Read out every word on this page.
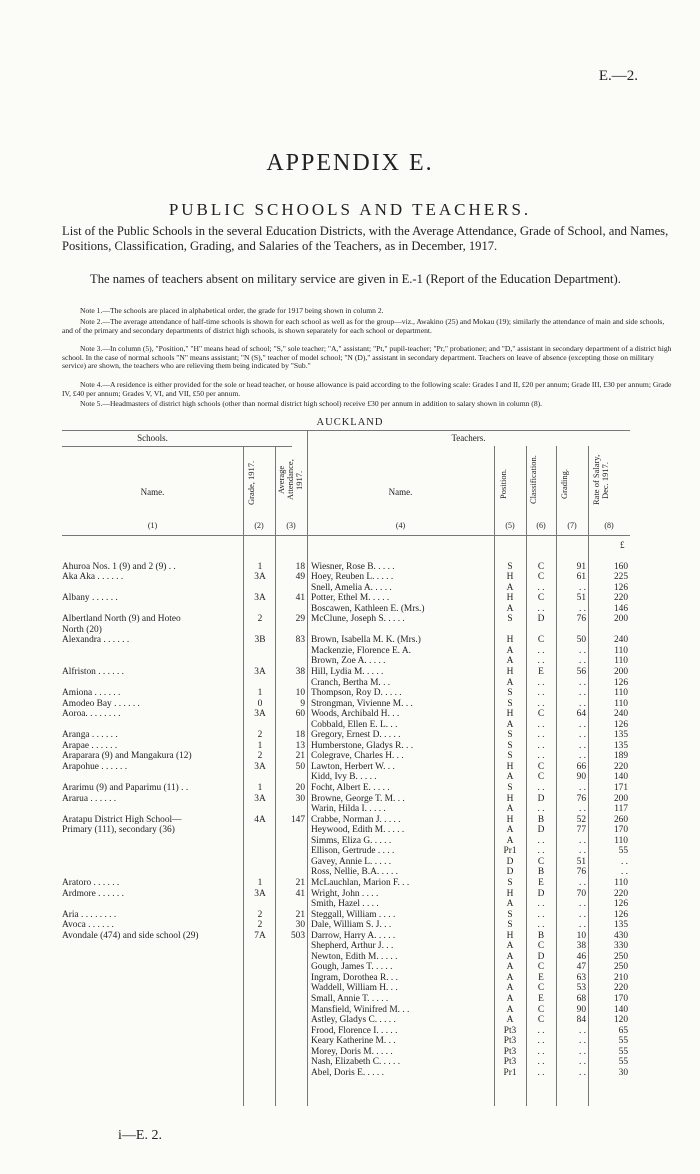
E.—2.
APPENDIX E.
PUBLIC SCHOOLS AND TEACHERS.
List of the Public Schools in the several Education Districts, with the Average Attendance, Grade of School, and Names, Positions, Classification, Grading, and Salaries of the Teachers, as in December, 1917.
The names of teachers absent on military service are given in E.-1 (Report of the Education Department).
Note 1.—The schools are placed in alphabetical order, the grade for 1917 being shown in column 2.
Note 2.—The average attendance of half-time schools is shown for each school as well as for the group—viz., Awakino (25) and Mokau (19); similarly the attendance of main and side schools, and of the primary and secondary departments of district high schools, is shown separately for each school or department.
Note 3.—In column (5), "Position," "H" means head of school; "S," sole teacher; "A," assistant; "Pt," pupil-teacher; "Pr," probationer; and "D," assistant in secondary department of a district high school. In the case of normal schools "N" means assistant; "N (S)," teacher of model school; "N (D)," assistant in secondary department. Teachers on leave of absence (excepting those on military service) are shown, the teachers who are relieving them being indicated by "Sub."
Note 4.—A residence is either provided for the sole or head teacher, or house allowance is paid according to the following scale: Grades I and II, £20 per annum; Grade III, £30 per annum; Grade IV, £40 per annum; Grades V, VI, and VII, £50 per annum.
Note 5.—Headmasters of district high schools (other than normal district high school) receive £30 per annum in addition to salary shown in column (8).
AUCKLAND
Schools.	Teachers.
Name.	Grade, 1917.	Average Attendance, 1917.
Name.	Position.	Classification.	Grading.	Rate of Salary, Dec. 1917.
(1)	(2)	(3)	(4)	(5)	(6)	(7)	(8)
£
Ahuroa Nos. 1 (9) and 2 (9) . .	1	18 Wiesner, Rose B. . . . .	S	C	91	160
Aka Aka . . . . . .	3A	49 Hoey, Reuben L. . . . .	H	C	61	225
Snell, Amelia A. . . . .	A	. .	. .	126
Albany . . . . . .	3A	41 Potter, Ethel M. . . . .	H	C	51	220
Boscawen, Kathleen E. (Mrs.)	A	. .	. .	146
Albertland North (9) and Hoteo	2	29 McClune, Joseph S. . . . .	S	D	76	200
North (20)
Alexandra . . . . . .	3B	83 Brown, Isabella M. K. (Mrs.)	H	C	50	240
Mackenzie, Florence E. A.	A	. .	. .	110
Brown, Zoe A. . . . .	A	. .	. .	110
Alfriston . . . . . .	3A	38 Hill, Lydia M. . . . .	H	E	56	200
Cranch, Bertha M. . .	A	. .	. .	126
Amiona . . . . . .	1	10 Thompson, Roy D. . . . .	S	. .	. .	110
Amodeo Bay . . . . . .	0	9 Strongman, Vivienne M. . .	S	. .	. .	110
Aoroa. . . . . . . .	3A	60 Woods, Archibald H. . .	H	C	64	240
Cobbald, Ellen E. L. . .	A	. .	. .	126
Aranga . . . . . .	2	18 Gregory, Ernest D. . . . .	S	. .	. .	135
Arapae . . . . . .	1	13 Humberstone, Gladys R. . .	S	. .	. .	135
Araparara (9) and Mangakura (12)	2	21 Colegrave, Charles H. . .	S	. .	. .	189
Arapohue . . . . . .	3A	50 Lawton, Herbert W. . .	H	C	66	220
Kidd, Ivy B. . . . .	A	C	90	140
Ararimu (9) and Paparimu (11) . .	1	20 Focht, Albert E. . . . .	S	. .	. .	171
Ararua . . . . . .	3A	30 Browne, George T. M. . .	H	D	76	200
Warin, Hilda I. . . . .	A	. .	. .	117
Aratapu District High School—	4A	147 Crabbe, Norman J. . . . .	H	B	52	260
Primary (111), secondary (36)	Heywood, Edith M. . . . .	A	D	77	170
Simms, Eliza G. . . . .	A	. .	. .	110
Ellison, Gertrude . . . .	Pr1	. .	. .	55
Gavey, Annie L. . . . .	D	C	51	. .
Ross, Nellie, B.A. . . . .	D	B	76	. .
Aratoro . . . . . .	1	21 McLauchlan, Marion F. . .	S	E	. .	110
Ardmore . . . . . .	3A	41 Wright, John . . . .	H	D	70	220
Smith, Hazel . . . .	A	. .	. .	126
Aria . . . . . . . .	2	21 Steggall, William . . . .	S	. .	. .	126
Avoca . . . . . .	2	30 Dale, William S. J. . .	S	. .	. .	135
Avondale (474) and side school (29)	7A	503 Darrow, Harry A. . . . .	H	B	10	430
Shepherd, Arthur J. . .	A	C	38	330
Newton, Edith M. . . . .	A	D	46	250
Gough, James T. . . . .	A	C	47	250
Ingram, Dorothea R. . .	A	E	63	210
Waddell, William H. . .	A	C	53	220
Small, Annie T. . . . .	A	E	68	170
Mansfield, Winifred M. . .	A	C	90	140
Astley, Gladys C. . . . .	A	C	84	120
Frood, Florence I. . . . .	Pt3	. .	. .	65
Keary Katherine M. . .	Pt3	. .	. .	55
Morey, Doris M. . . . .	Pt3	. .	. .	55
Nash, Elizabeth C. . . . .	Pt3	. .	. .	55
Abel, Doris E. . . . .	Pr1	. .	. .	30
i—E. 2.
